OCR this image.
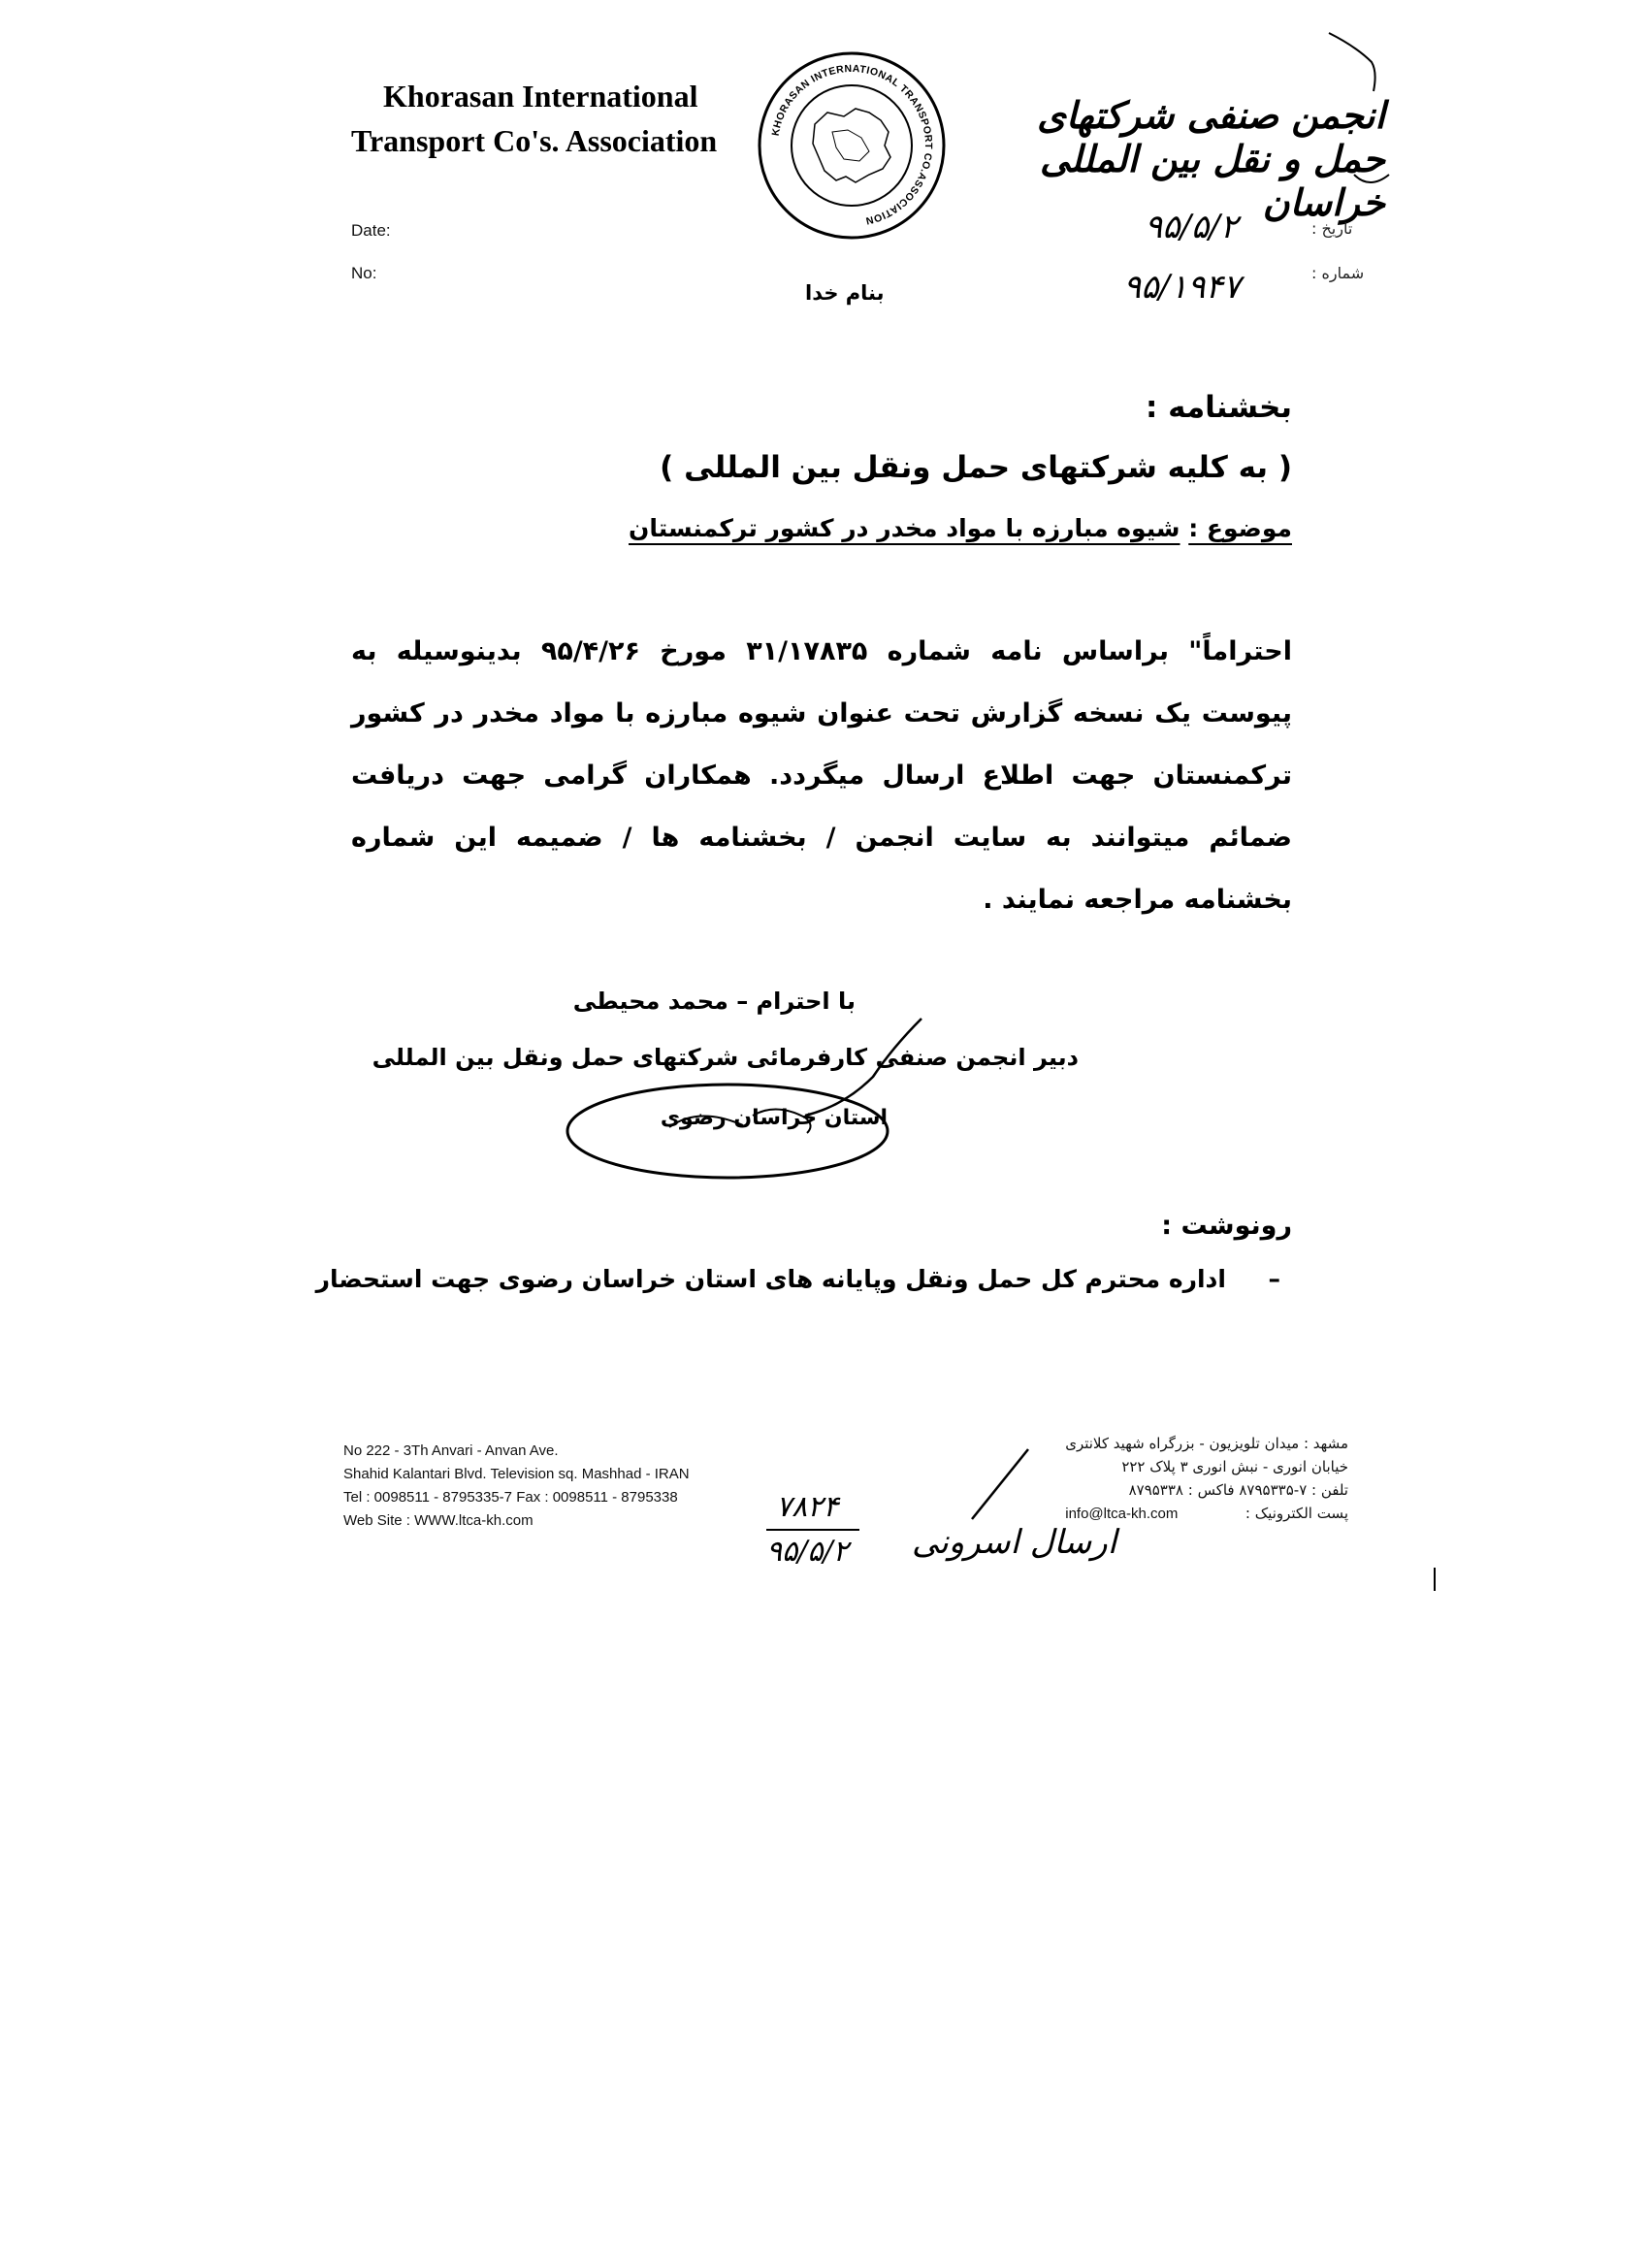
Khorasan International
Transport Co's. Association	KHORASAN INTERNATIONAL TRANSPORT CO.ASSOCIATION
انجمن صنفی شرکتهای حمل و نقل بین المللی خراسان
Date:
No:
تاریخ :
شماره :
۹۵/۵/۲
۹۵/۱۹۴۷
بنام خدا
بخشنامه :
( به کلیه شرکتهای حمل ونقل بین المللی )
موضوع : شیوه مبارزه با مواد مخدر در کشور ترکمنستان
احتراماً" براساس نامه شماره ۳۱/۱۷۸۳۵ مورخ ۹۵/۴/۲۶ بدینوسیله به پیوست یک نسخه گزارش تحت عنوان شیوه مبارزه با مواد مخدر در کشور ترکمنستان جهت اطلاع ارسال میگردد. همکاران گرامی جهت دریافت ضمائم میتوانند به سایت انجمن / بخشنامه ها / ضمیمه این شماره بخشنامه مراجعه نمایند .
با احترام – محمد محیطی
دبیر انجمن صنفی کارفرمائی شرکتهای حمل ونقل بین المللی
استان خراسان رضوی
رونوشت :
–     اداره محترم کل حمل ونقل وپایانه های استان خراسان رضوی جهت استحضار
No 222 - 3Th Anvari - Anvan Ave.
Shahid Kalantari Blvd. Television sq. Mashhad - IRAN
Tel : 0098511 - 8795335-7 Fax : 0098511 - 8795338
Web Site : WWW.ltca-kh.com
مشهد : میدان تلویزیون - بزرگراه شهید کلانتری
خیابان انوری - نبش انوری ۳ پلاک ۲۲۲
تلفن : ۷-۸۷۹۵۳۳۵ فاکس : ۸۷۹۵۳۳۸
پست الکترونیک :  info@ltca-kh.com
۷۸۲۴
۹۵/۵/۲ ارسال اسرونی
